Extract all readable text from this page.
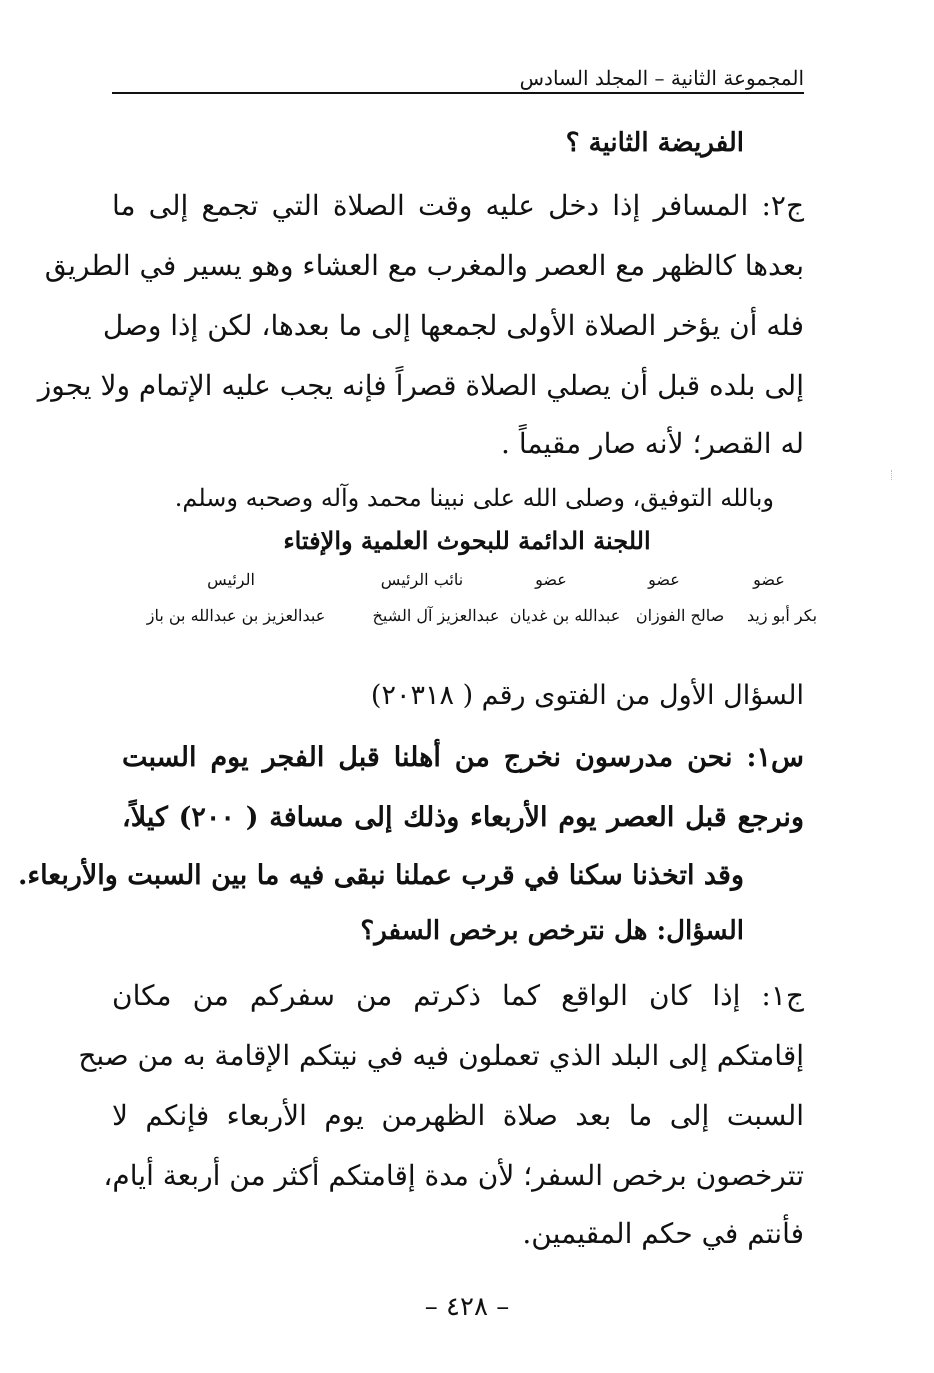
المجموعة الثانية – المجلد السادس
الفريضة الثانية ؟
ج٢: المسافر إذا دخل عليه وقت الصلاة التي تجمع إلى ما
بعدها كالظهر مع العصر والمغرب مع العشاء وهو يسير في الطريق
فله أن يؤخر الصلاة الأولى لجمعها إلى ما بعدها، لكن إذا وصل
إلى بلده قبل أن يصلي الصلاة قصراً فإنه يجب عليه الإتمام ولا يجوز
له القصر؛ لأنه صار مقيماً .
وبالله التوفيق، وصلى الله على نبينا محمد وآله وصحبه وسلم.
اللجنة الدائمة للبحوث العلمية والإفتاء
عضو
عضو
عضو
نائب الرئيس
الرئيس
بكر أبو زيد
صالح الفوزان
عبدالله بن غديان
عبدالعزيز آل الشيخ
عبدالعزيز بن عبدالله بن باز
السؤال الأول من الفتوى رقم ( ٢٠٣١٨)
س١: نحن مدرسون نخرج من أهلنا قبل الفجر يوم السبت
ونرجع قبل العصر يوم الأربعاء وذلك إلى مسافة ( ٢٠٠) كيلاً،
وقد اتخذنا سكنا في قرب عملنا نبقى فيه ما بين السبت والأربعاء.
السؤال: هل نترخص برخص السفر؟
ج١: إذا كان الواقع كما ذكرتم من سفركم من مكان
إقامتكم إلى البلد الذي تعملون فيه في نيتكم الإقامة به من صبح
السبت إلى ما بعد صلاة الظهرمن يوم الأربعاء فإنكم لا
تترخصون برخص السفر؛ لأن مدة إقامتكم أكثر من أربعة أيام،
فأنتم في حكم المقيمين.
– ٤٢٨ –
